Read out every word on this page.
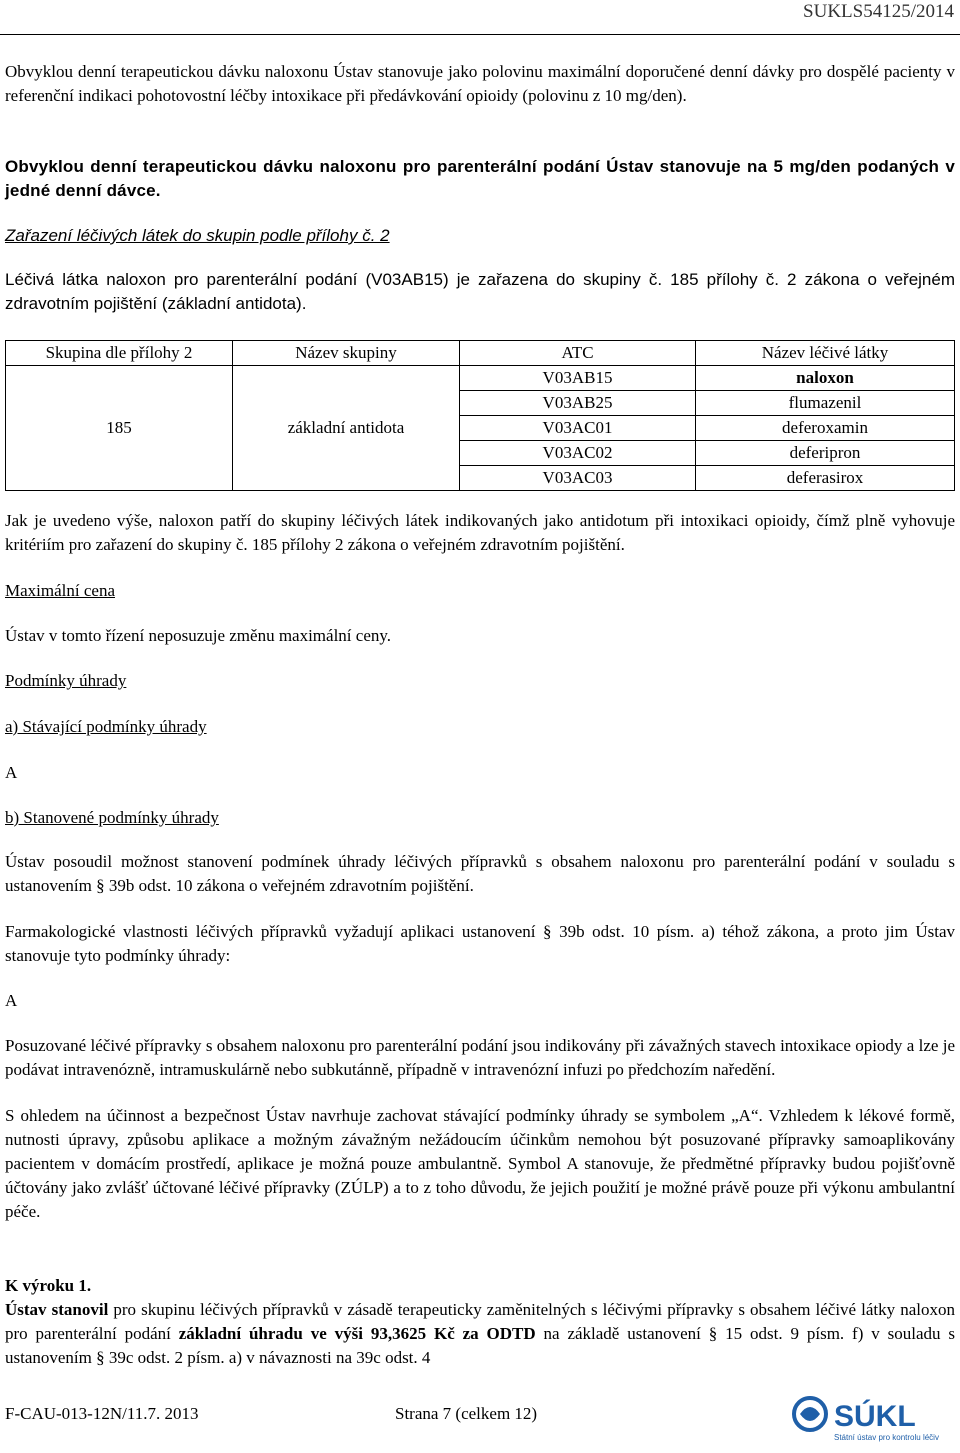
SUKLS54125/2014
Obvyklou denní terapeutickou dávku naloxonu Ústav stanovuje jako polovinu maximální doporučené denní dávky pro dospělé pacienty v referenční indikaci pohotovostní léčby intoxikace při předávkování opioidy (polovinu z 10 mg/den).
Obvyklou denní terapeutickou dávku naloxonu pro parenterální podání Ústav stanovuje na 5 mg/den podaných v jedné denní dávce.
Zařazení léčivých látek do skupin podle přílohy č. 2
Léčivá látka naloxon pro parenterální podání (V03AB15) je zařazena do skupiny č. 185 přílohy č. 2 zákona o veřejném zdravotním pojištění (základní antidota).
Skupina dle přílohy 2	Název skupiny	ATC	Název léčivé látky
185	základní antidota	V03AB15	naloxon
		V03AB25	flumazenil
		V03AC01	deferoxamin
		V03AC02	deferipron
		V03AC03	deferasirox
Jak je uvedeno výše, naloxon patří do skupiny léčivých látek indikovaných jako antidotum při intoxikaci opioidy, čímž plně vyhovuje kritériím pro zařazení do skupiny č. 185 přílohy 2 zákona o veřejném zdravotním pojištění.
Maximální cena
Ústav v tomto řízení neposuzuje změnu maximální ceny.
Podmínky úhrady
a) Stávající podmínky úhrady
A
b) Stanovené podmínky úhrady
Ústav posoudil možnost stanovení podmínek úhrady léčivých přípravků s obsahem naloxonu pro parenterální podání v souladu s ustanovením § 39b odst. 10 zákona o veřejném zdravotním pojištění.
Farmakologické vlastnosti léčivých přípravků vyžadují aplikaci ustanovení § 39b odst. 10 písm. a) téhož zákona, a proto jim Ústav stanovuje tyto podmínky úhrady:
A
Posuzované léčivé přípravky s obsahem naloxonu pro parenterální podání jsou indikovány při závažných stavech intoxikace opiody a lze je podávat intravenózně, intramuskulárně nebo subkutánně, případně v intravenózní infuzi po předchozím naředění.
S ohledem na účinnost a bezpečnost Ústav navrhuje zachovat stávající podmínky úhrady se symbolem „A“. Vzhledem k lékové formě, nutnosti úpravy, způsobu aplikace a možným závažným nežádoucím účinkům nemohou být posuzované přípravky samoaplikovány pacientem v domácím prostředí, aplikace je možná pouze ambulantně. Symbol A stanovuje, že předmětné přípravky budou pojišťovně účtovány jako zvlášť účtované léčivé přípravky (ZÚLP) a to z toho důvodu, že jejich použití je možné právě pouze při výkonu ambulantní péče.
K výroku 1.
Ústav stanovil pro skupinu léčivých přípravků v zásadě terapeuticky zaměnitelných s léčivými přípravky s obsahem léčivé látky naloxon pro parenterální podání základní úhradu ve výši 93,3625 Kč za ODTD na základě ustanovení § 15 odst. 9 písm. f) v souladu s ustanovením § 39c odst. 2 písm. a) v návaznosti na 39c odst. 4
F-CAU-013-12N/11.7. 2013	Strana 7 (celkem 12)	SÚKL
Státní ústav pro kontrolu léčiv
